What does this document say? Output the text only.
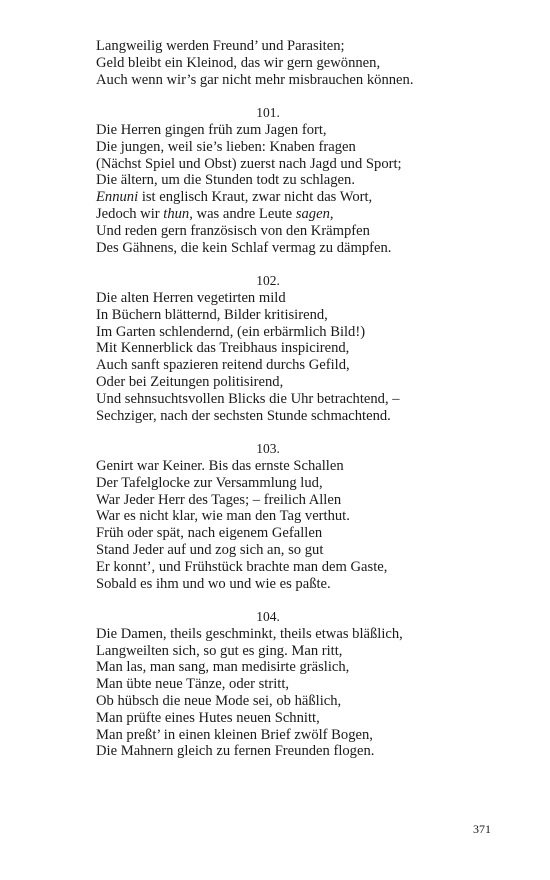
Langweilig werden Freund’ und Parasiten;
Geld bleibt ein Kleinod, das wir gern gewönnen,
Auch wenn wir’s gar nicht mehr misbrauchen können.
101.
Die Herren gingen früh zum Jagen fort,
Die jungen, weil sie’s lieben: Knaben fragen
(Nächst Spiel und Obst) zuerst nach Jagd und Sport;
Die ältern, um die Stunden todt zu schlagen.
Ennuni ist englisch Kraut, zwar nicht das Wort,
Jedoch wir thun, was andre Leute sagen,
Und reden gern französisch von den Krämpfen
Des Gähnens, die kein Schlaf vermag zu dämpfen.
102.
Die alten Herren vegetirten mild
In Büchern blätternd, Bilder kritisirend,
Im Garten schlendernd, (ein erbärmlich Bild!)
Mit Kennerblick das Treibhaus inspicirend,
Auch sanft spazieren reitend durchs Gefild,
Oder bei Zeitungen politisirend,
Und sehnsuchtsvollen Blicks die Uhr betrachtend, –
Sechziger, nach der sechsten Stunde schmachtend.
103.
Genirt war Keiner. Bis das ernste Schallen
Der Tafelglocke zur Versammlung lud,
War Jeder Herr des Tages; – freilich Allen
War es nicht klar, wie man den Tag verthut.
Früh oder spät, nach eigenem Gefallen
Stand Jeder auf und zog sich an, so gut
Er konnt’, und Frühstück brachte man dem Gaste,
Sobald es ihm und wo und wie es paßte.
104.
Die Damen, theils geschminkt, theils etwas bläßlich,
Langweilten sich, so gut es ging. Man ritt,
Man las, man sang, man medisirte gräslich,
Man übte neue Tänze, oder stritt,
Ob hübsch die neue Mode sei, ob häßlich,
Man prüfte eines Hutes neuen Schnitt,
Man preßt’ in einen kleinen Brief zwölf Bogen,
Die Mahnern gleich zu fernen Freunden flogen.
371
